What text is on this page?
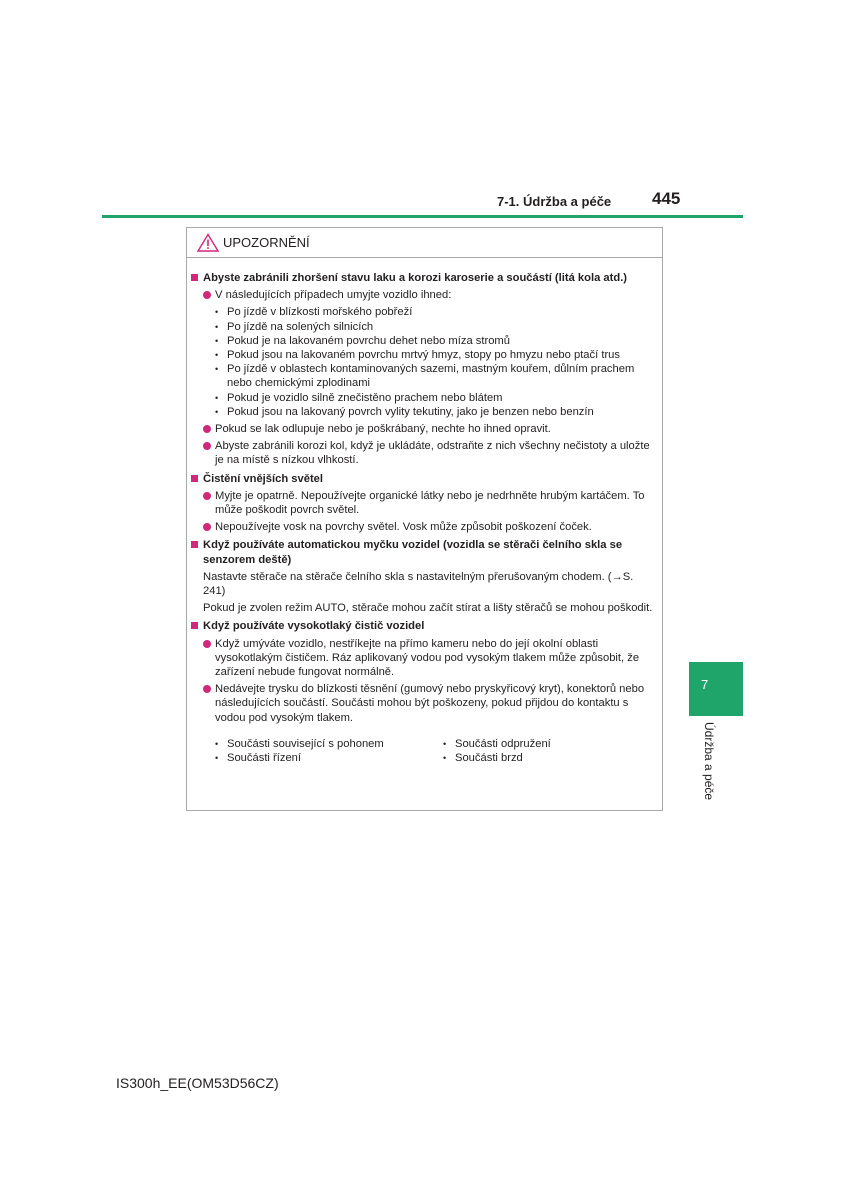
7-1. Údržba a péče 445
7
Údržba a péče
UPOZORNĚNÍ
Abyste zabránili zhoršení stavu laku a korozi karoserie a součástí (litá kola atd.)
V následujících případech umyjte vozidlo ihned:
• Po jízdě v blízkosti mořského pobřeží
• Po jízdě na solených silnicích
• Pokud je na lakovaném povrchu dehet nebo míza stromů
• Pokud jsou na lakovaném povrchu mrtvý hmyz, stopy po hmyzu nebo ptačí trus
• Po jízdě v oblastech kontaminovaných sazemi, mastným kouřem, důlním prachem nebo chemickými zplodinami
• Pokud je vozidlo silně znečistěno prachem nebo blátem
• Pokud jsou na lakovaný povrch vylity tekutiny, jako je benzen nebo benzín
Pokud se lak odlupuje nebo je poškrábaný, nechte ho ihned opravit.
Abyste zabránili korozi kol, když je ukládáte, odstraňte z nich všechny nečistoty a uložte je na místě s nízkou vlhkostí.
Čistění vnějších světel
Myjte je opatrně. Nepoužívejte organické látky nebo je nedrhněte hrubým kartáčem. To může poškodit povrch světel.
Nepoužívejte vosk na povrchy světel. Vosk může způsobit poškození čoček.
Když používáte automatickou myčku vozidel (vozidla se stěrači čelního skla se senzorem deště)
Nastavte stěrače na stěrače čelního skla s nastavitelným přerušovaným chodem. (→S. 241)
Pokud je zvolen režim AUTO, stěrače mohou začít stírat a lišty stěračů se mohou poškodit.
Když používáte vysokotlaký čistič vozidel
Když umýváte vozidlo, nestříkejte na přímo kameru nebo do její okolní oblasti vysokotlakým čističem. Ráz aplikovaný vodou pod vysokým tlakem může způsobit, že zařízení nebude fungovat normálně.
Nedávejte trysku do blízkosti těsnění (gumový nebo pryskyřicový kryt), konektorů nebo následujících součástí. Součásti mohou být poškozeny, pokud přijdou do kontaktu s vodou pod vysokým tlakem.
• Součásti související s pohonem
• Součásti řízení
• Součásti odpružení
• Součásti brzd
IS300h_EE(OM53D56CZ)
